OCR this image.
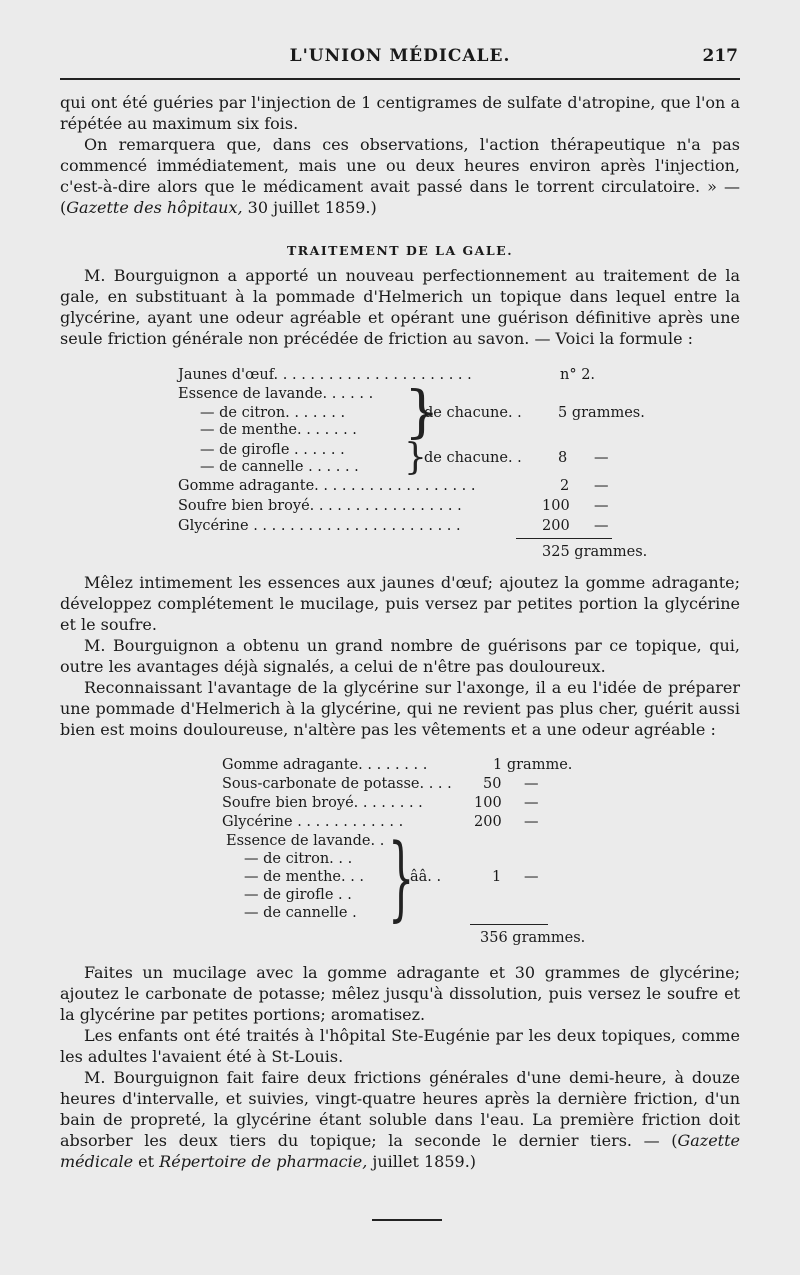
L'UNION MÉDICALE.	217

qui ont été guéries par l'injection de 1 centigrames de sulfate d'atropine, que l'on a répétée au maximum six fois.

On remarquera que, dans ces observations, l'action thérapeutique n'a pas commencé immédiatement, mais une ou deux heures environ après l'injection, c'est-à-dire alors que le médicament avait passé dans le torrent circulatoire. » — (Gazette des hôpitaux, 30 juillet 1859.)

TRAITEMENT DE LA GALE.

M. Bourguignon a apporté un nouveau perfectionnement au traitement de la gale, en substituant à la pommade d'Helmerich un topique dans lequel entre la glycérine, ayant une odeur agréable et opérant une guérison définitive après une seule friction générale non précédée de friction au savon. — Voici la formule :

Jaunes d'œuf. . . . . . . . . . . . . . . . . . . . . .	n° 2.
Essence de lavande. . . . . .
— de citron. . . . . . .
— de menthe. . . . . . . }
de chacune. . 5 grammes.
— de girofle . . . . . .
— de cannelle . . . . . . }
de chacune. . 8 —
Gomme adragante. . . . . . . . . . . . . . . . . .	2 —
Soufre bien broyé. . . . . . . . . . . . . . . . .	100 —
Glycérine . . . . . . . . . . . . . . . . . . . . . . .	200 —
325 grammes.

Mêlez intimement les essences aux jaunes d'œuf; ajoutez la gomme adragante; développez complétement le mucilage, puis versez par petites portion la glycérine et le soufre.

M. Bourguignon a obtenu un grand nombre de guérisons par ce topique, qui, outre les avantages déjà signalés, a celui de n'être pas douloureux.

Reconnaissant l'avantage de la glycérine sur l'axonge, il a eu l'idée de préparer une pommade d'Helmerich à la glycérine, qui ne revient pas plus cher, guérit aussi bien est moins douloureuse, n'altère pas les vêtements et a une odeur agréable :

Gomme adragante. . . . . . . .	1 gramme.
Sous-carbonate de potasse. . . . 50 —
Soufre bien broyé. . . . . . . .	100 —
Glycérine . . . . . . . . . . . .	200 —
Essence de lavande. .
— de citron. . .
— de menthe. . .
— de girofle . .
— de cannelle . }
ââ. .	1 —
356 grammes.

Faites un mucilage avec la gomme adragante et 30 grammes de glycérine; ajoutez le carbonate de potasse; mêlez jusqu'à dissolution, puis versez le soufre et la glycérine par petites portions; aromatisez.

Les enfants ont été traités à l'hôpital Ste-Eugénie par les deux topiques, comme les adultes l'avaient été à St-Louis.

M. Bourguignon fait faire deux frictions générales d'une demi-heure, à douze heures d'intervalle, et suivies, vingt-quatre heures après la dernière friction, d'un bain de propreté, la glycérine étant soluble dans l'eau. La première friction doit absorber les deux tiers du topique; la seconde le dernier tiers. — (Gazette médicale et Répertoire de pharmacie, juillet 1859.)
